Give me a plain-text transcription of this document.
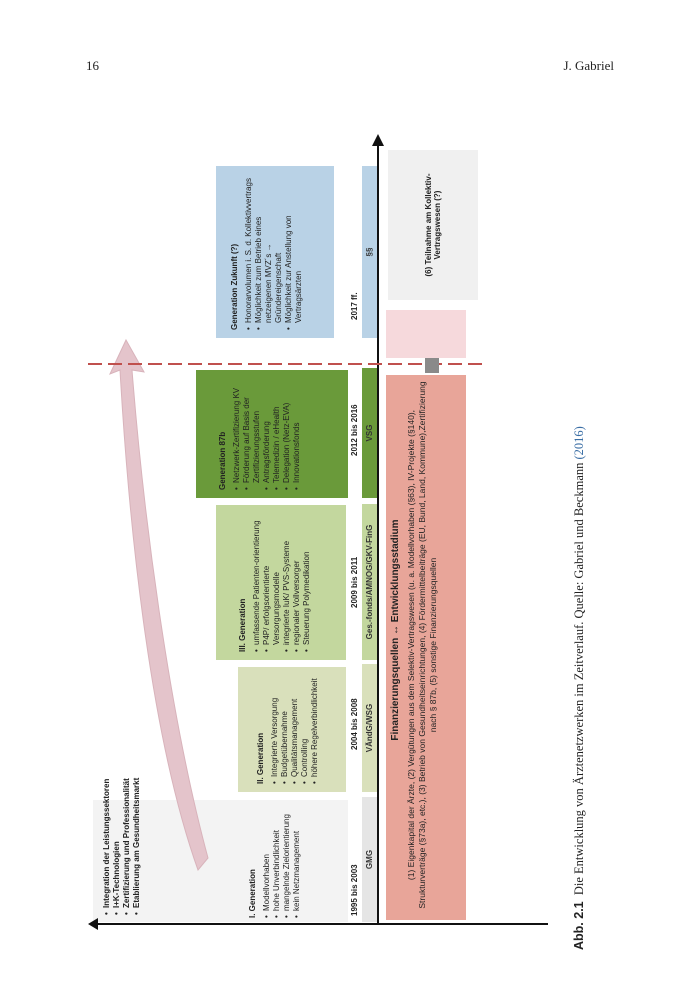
16	J. Gabriel
• Integration der Leistungssektoren • I+K-Technologien • Zertifizierung und Professionalität • Etablierung am Gesundheitsmarkt	I. Generation • Modellvorhaben • hohe Unverbindlichkeit • mangelnde Zielorientierung • kein Netzmanagement
II. Generation • Integrierte Versorgung • Budgetübernahme • Qualitätsmanagement • Controlling • höhere Regelverbindlichkeit
III. Generation • umfassende Patienten-orientierung • P4P/ erfolgsorientierte Versorgungsmodelle • integrierte IuK/ PVS-Systeme • regionaler Vollversorger • Steuerung Polymedikation
Generation 87b • Netzwerk-Zertifizierung KV • Förderung auf Basis der Zertifizierungsstufen • Antragsförderung • Telemedizin / eHealth • Delegation (Netz-EVA) • Innovationsfonds
Generation Zukunft (?) • Honorarvolumen i. S. d. Kollektivvertrags • Möglichkeit zum Betrieb eines netzeigenen MVZ´s → Gründereigenschaft • Möglichkeit zur Anstellung von Vertragsärzten
1995 bis 2003
2004 bis 2008
2009 bis 2011
2012 bis 2016
2017 ff.
GMG
VÄndG/WSG
Ges.-fonds/AMNOG/GKV-FinG
VSG
§§
Finanzierungsquellen ↔ Entwicklungsstadium (1) Eigenkapital der Ärzte, (2) Vergütungen aus dem Selektiv-Vertragswesen (u. a. Modellvorhaben (§63), IV-Projekte (§140), Strukturverträge (§73a), etc.), (3) Betrieb von Gesundheitseinrichtungen, (4) Fördermittelbeiträge (EU, Bund, Land, Kommune),Zertifizierung nach § 87b, (5) sonstige Finanzierungsquellen
(6) Teilnahme am Kollektiv-Vertragswesen (?)
Abb. 2.1  Die Entwicklung von Ärztenetzwerken im Zeitverlauf. Quelle: Gabriel und Beckmann (2016)
